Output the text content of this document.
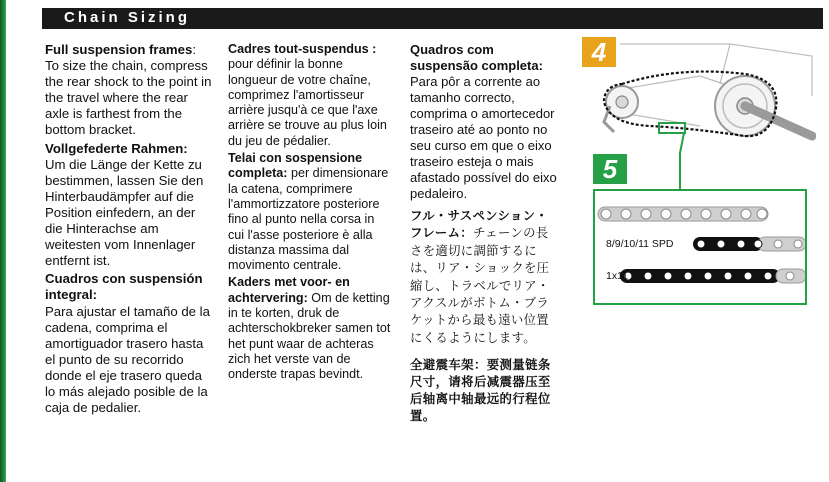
Chain Sizing

Full suspension frames:
To size the chain, compress the rear shock to the point in the travel where the rear axle is farthest from the bottom bracket.

Vollgefederte Rahmen:
Um die Länge der Kette zu bestimmen, lassen Sie den Hinterbaudämpfer auf die Position einfedern, an der die Hinterachse am weitesten vom Innenlager entfernt ist.

Cuadros con suspensión integral:
Para ajustar el tamaño de la cadena, comprima el amortiguador trasero hasta el punto de su recorrido donde el eje trasero queda lo más alejado posible de la caja de pedalier.

Cadres tout-suspendus :
pour définir la bonne longueur de votre chaîne, comprimez l'amortisseur arrière jusqu'à ce que l'axe arrière se trouve au plus loin du jeu de pédalier.

Telai con sospensione completa: per dimensionare la catena, comprimere l'ammortizzatore posteriore fino al punto nella corsa in cui l'asse posteriore è alla distanza massima dal movimento centrale.

Kaders met voor- en achtervering: Om de ketting in te korten, druk de achterschokbreker samen tot het punt waar de achteras zich het verste van de onderste trapas bevindt.

Quadros com suspensão completa:
Para pôr a corrente ao tamanho correcto, comprima o amortecedor traseiro até ao ponto no seu curso em que o eixo traseiro esteja o mais afastado possível do eixo pedaleiro.

フル・サスペンション・フレーム：チェーンの長さを適切に調節するには、リア・ショックを圧縮し、トラベルでリア・アクスルがボトム・ブラケットから最も遠い位置にくるようにします。

全避震车架：要测量链条尺寸，请将后减震器压至后轴离中轴最远的行程位置。

4
5
8/9/10/11 SPD
1x11
